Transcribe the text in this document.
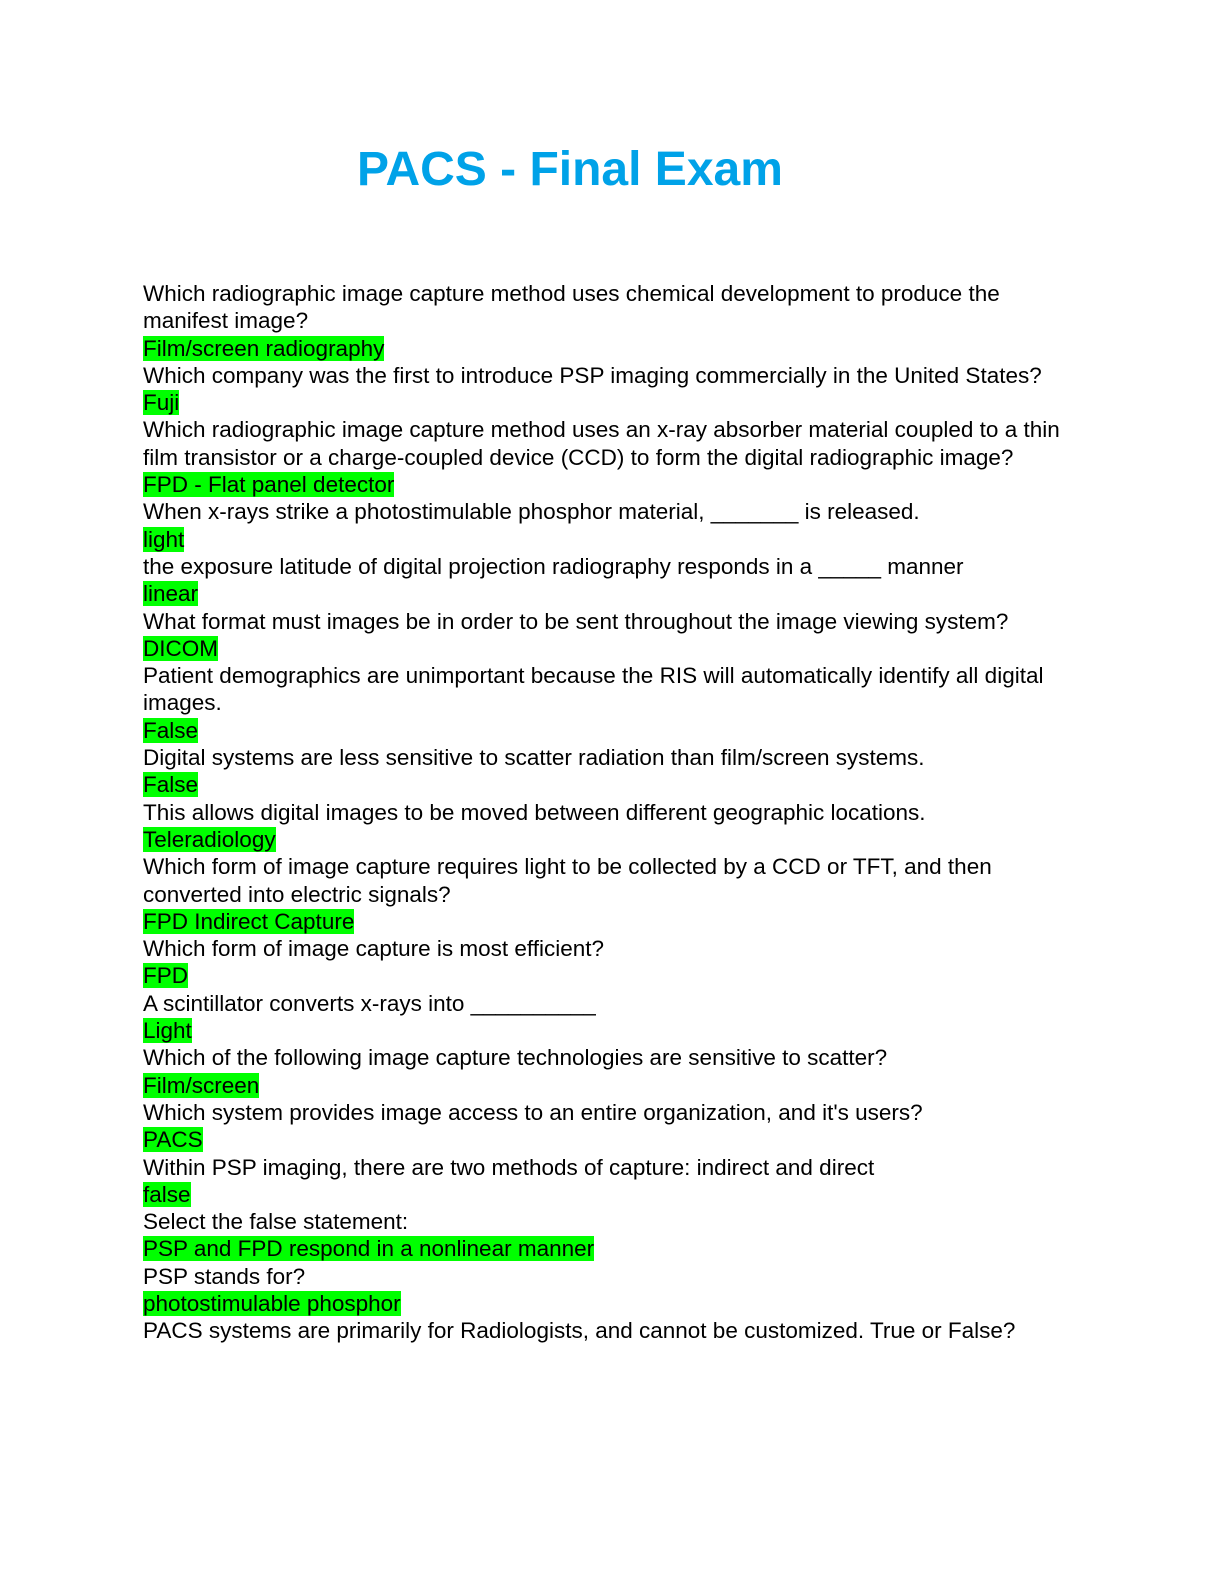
PACS - Final Exam
Which radiographic image capture method uses chemical development to produce the manifest image?
Film/screen radiography
Which company was the first to introduce PSP imaging commercially in the United States?
Fuji
Which radiographic image capture method uses an x-ray absorber material coupled to a thin film transistor or a charge-coupled device (CCD) to form the digital radiographic image?
FPD - Flat panel detector
When x-rays strike a photostimulable phosphor material, _______ is released.
light
the exposure latitude of digital projection radiography responds in a _____ manner
linear
What format must images be in order to be sent throughout the image viewing system?
DICOM
Patient demographics are unimportant because the RIS will automatically identify all digital images.
False
Digital systems are less sensitive to scatter radiation than film/screen systems.
False
This allows digital images to be moved between different geographic locations.
Teleradiology
Which form of image capture requires light to be collected by a CCD or TFT, and then converted into electric signals?
FPD Indirect Capture
Which form of image capture is most efficient?
FPD
A scintillator converts x-rays into __________
Light
Which of the following image capture technologies are sensitive to scatter?
Film/screen
Which system provides image access to an entire organization, and it's users?
PACS
Within PSP imaging, there are two methods of capture: indirect and direct
false
Select the false statement:
PSP and FPD respond in a nonlinear manner
PSP stands for?
photostimulable phosphor
PACS systems are primarily for Radiologists, and cannot be customized. True or False?
